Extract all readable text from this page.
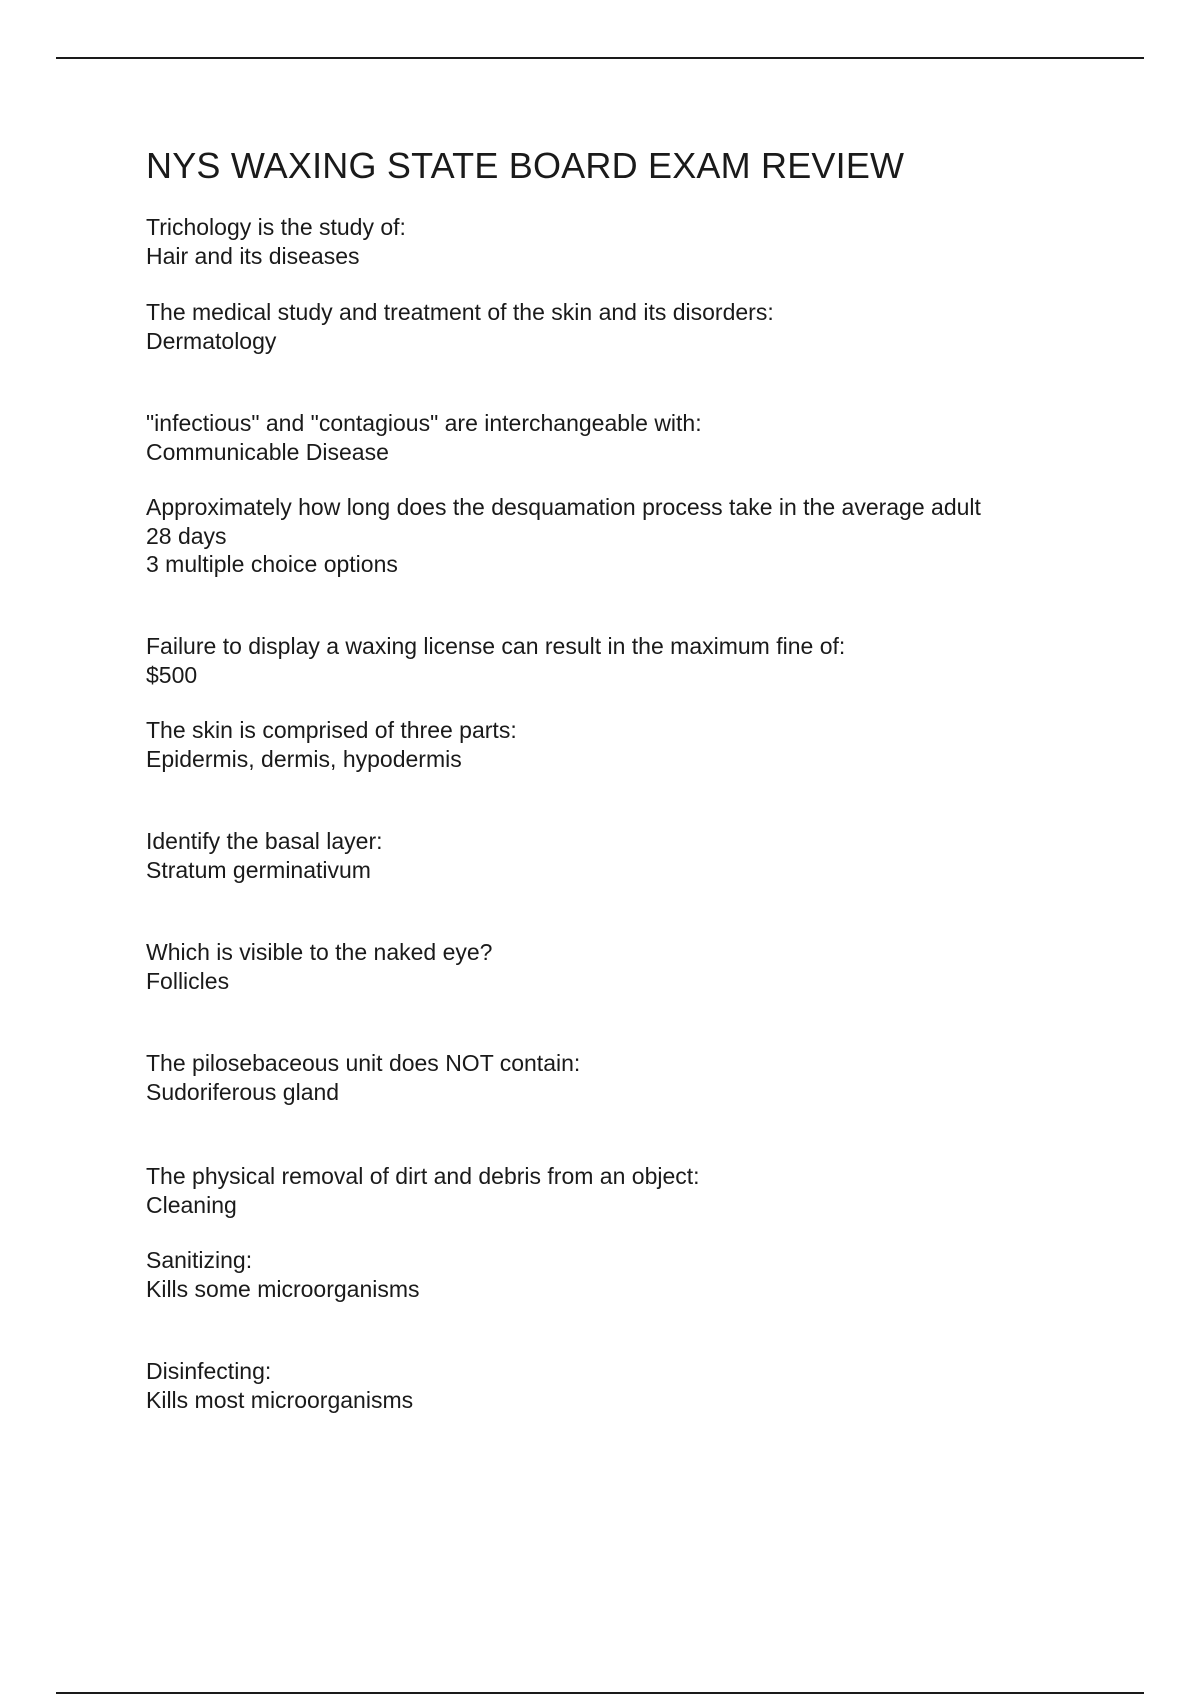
NYS WAXING STATE BOARD EXAM REVIEW
Trichology is the study of:
Hair and its diseases
The medical study and treatment of the skin and its disorders:
Dermatology
"infectious" and "contagious" are interchangeable with:
Communicable Disease
Approximately how long does the desquamation process take in the average adult
28 days
3 multiple choice options
Failure to display a waxing license can result in the maximum fine of:
$500
The skin is comprised of three parts:
Epidermis, dermis, hypodermis
Identify the basal layer:
Stratum germinativum
Which is visible to the naked eye?
Follicles
The pilosebaceous unit does NOT contain:
Sudoriferous gland
The physical removal of dirt and debris from an object:
Cleaning
Sanitizing:
Kills some microorganisms
Disinfecting:
Kills most microorganisms
